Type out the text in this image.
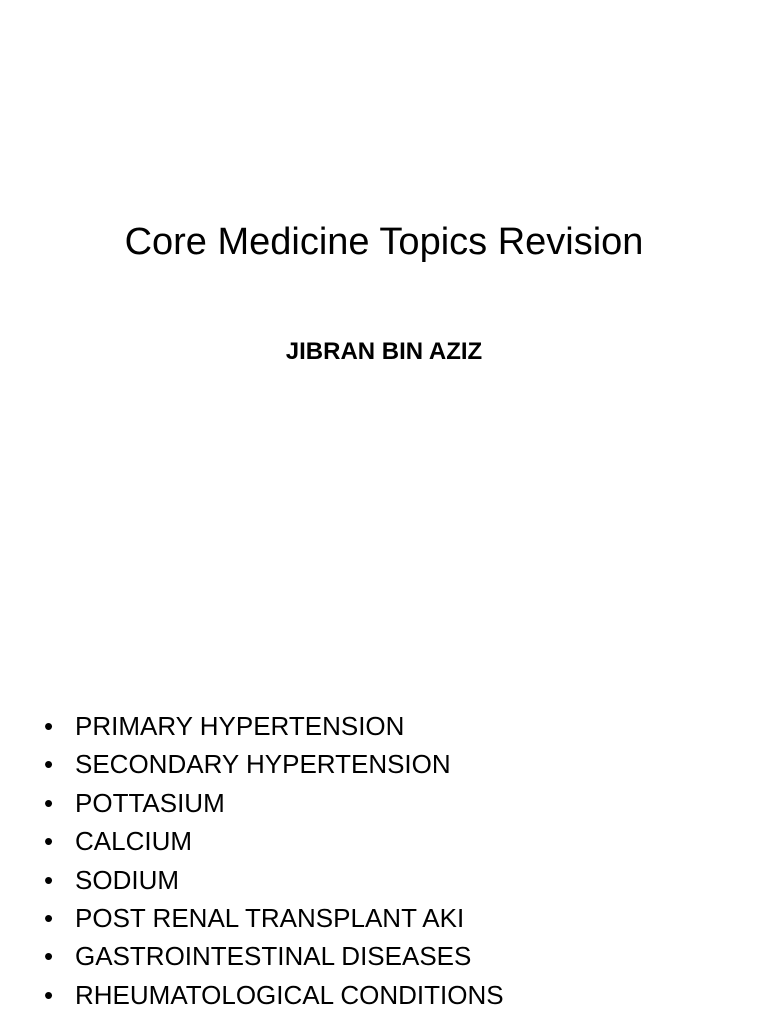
Core Medicine Topics Revision

JIBRAN BIN AZIZ

• PRIMARY HYPERTENSION
• SECONDARY HYPERTENSION
• POTTASIUM
• CALCIUM
• SODIUM
• POST RENAL TRANSPLANT AKI
• GASTROINTESTINAL DISEASES
• RHEUMATOLOGICAL CONDITIONS
